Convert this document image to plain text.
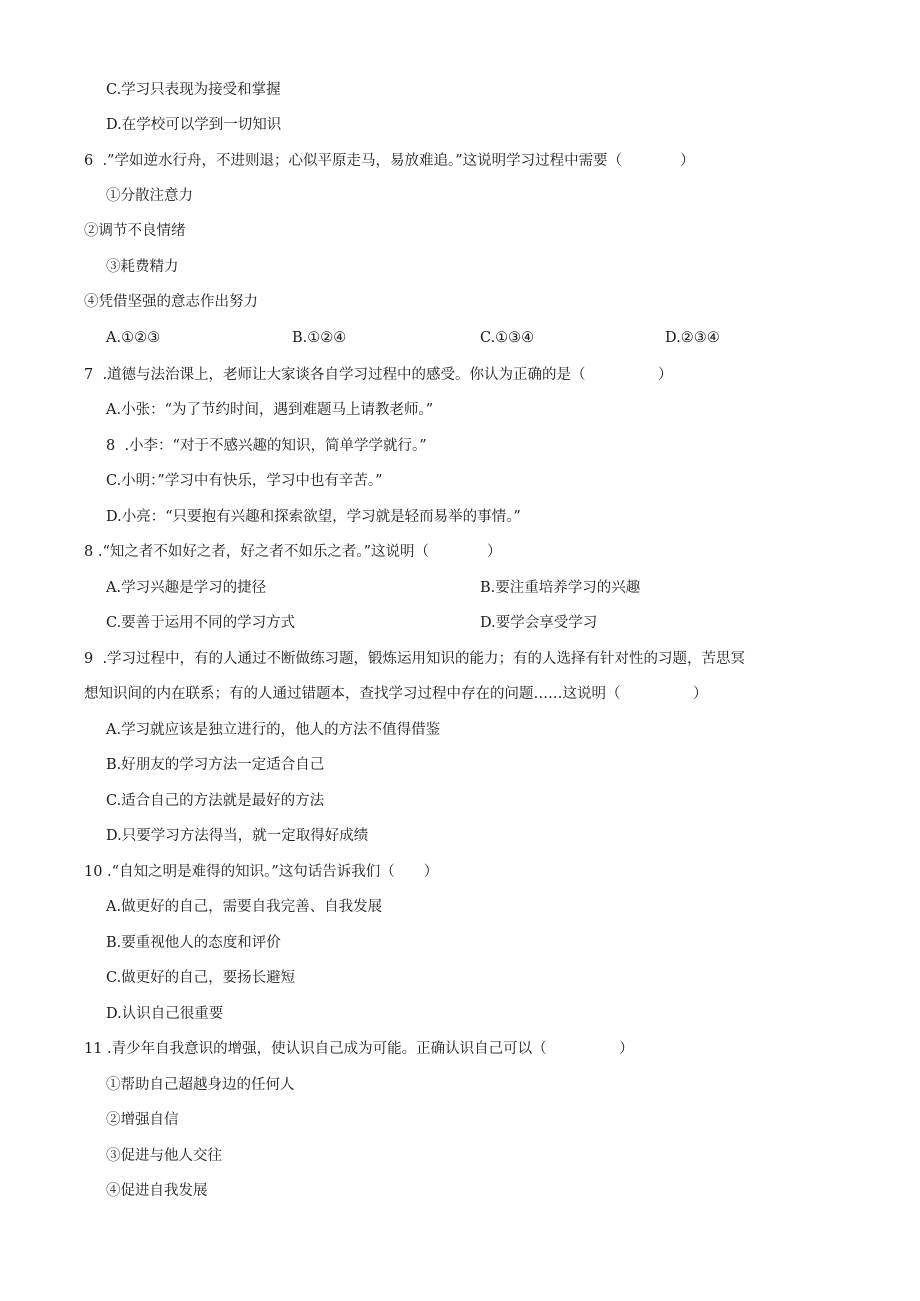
C.学习只表现为接受和掌握
D.在学校可以学到一切知识
6  .”学如逆水行舟，不进则退；心似平原走马，易放难追。”这说明学习过程中需要（　　　　）
①分散注意力
②调节不良情绪
③耗费精力
④凭借坚强的意志作出努力
A.①②③	B.①②④	C.①③④	D.②③④
7  .道德与法治课上，老师让大家谈各自学习过程中的感受。你认为正确的是（　　　　　）
A.小张：“为了节约时间，遇到难题马上请教老师。”
8  .小李：“对于不感兴趣的知识，简单学学就行。”
C.小明：”学习中有快乐，学习中也有辛苦。”
D.小亮：“只要抱有兴趣和探索欲望，学习就是轻而易举的事情。”
8 .“知之者不如好之者，好之者不如乐之者。”这说明（　　　　）
A.学习兴趣是学习的捷径	B.要注重培养学习的兴趣
C.要善于运用不同的学习方式	D.要学会享受学习
9  .学习过程中，有的人通过不断做练习题，锻炼运用知识的能力；有的人选择有针对性的习题，苦思冥
想知识间的内在联系；有的人通过错题本，查找学习过程中存在的问题……这说明（　　　　　）
A.学习就应该是独立进行的，他人的方法不值得借鉴
B.好朋友的学习方法一定适合自己
C.适合自己的方法就是最好的方法
D.只要学习方法得当，就一定取得好成绩
10 .“自知之明是难得的知识。”这句话告诉我们（　　）
A.做更好的自己，需要自我完善、自我发展
B.要重视他人的态度和评价
C.做更好的自己，要扬长避短
D.认识自己很重要
11 .青少年自我意识的增强，使认识自己成为可能。正确认识自己可以（　　　　　）
①帮助自己超越身边的任何人
②增强自信
③促进与他人交往
④促进自我发展
